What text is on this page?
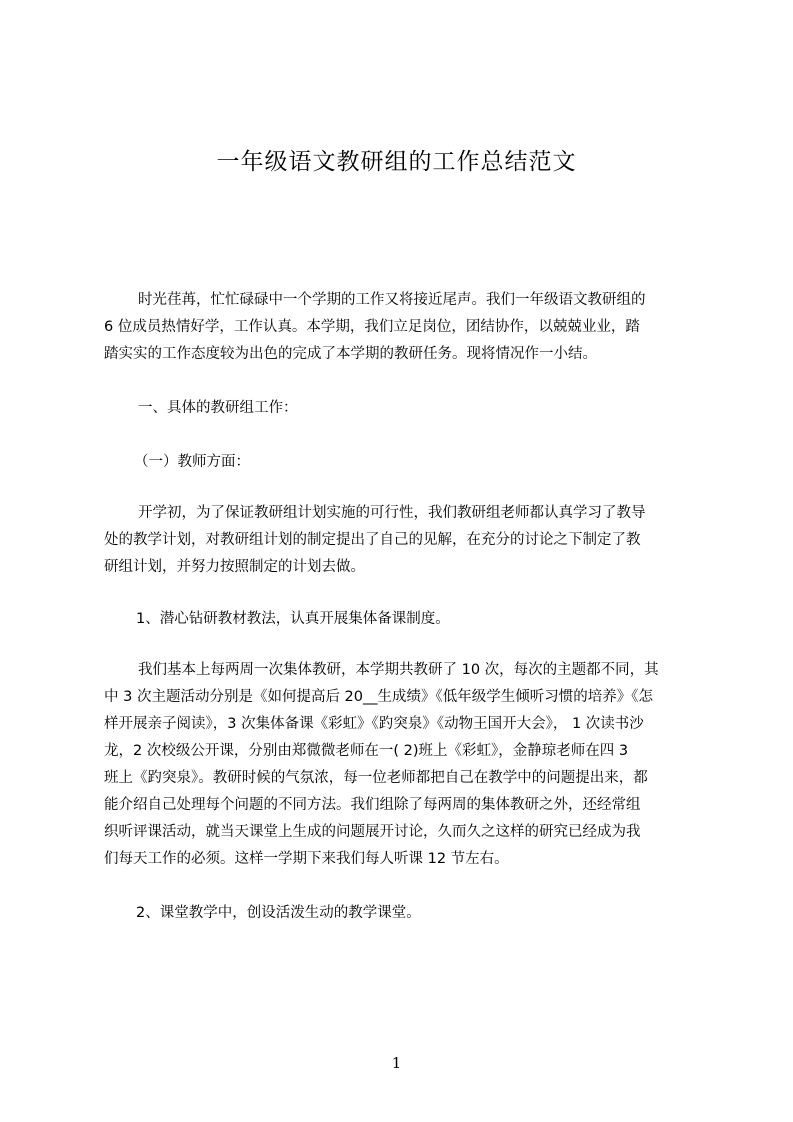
一年级语文教研组的工作总结范文
时光荏苒，忙忙碌碌中一个学期的工作又将接近尾声。我们一年级语文教研组的
6 位成员热情好学，工作认真。本学期，我们立足岗位，团结协作，以兢兢业业，踏
踏实实的工作态度较为出色的完成了本学期的教研任务。现将情况作一小结。
一、具体的教研组工作：
（一）教师方面：
开学初，为了保证教研组计划实施的可行性，我们教研组老师都认真学习了教导
处的教学计划，对教研组计划的制定提出了自己的见解，在充分的讨论之下制定了教
研组计划，并努力按照制定的计划去做。
1、潜心钻研教材教法，认真开展集体备课制度。
我们基本上每两周一次集体教研，本学期共教研了 10 次，每次的主题都不同，其
中 3 次主题活动分别是《如何提高后 20__生成绩》《低年级学生倾听习惯的培养》《怎
样开展亲子阅读》，3 次集体备课《彩虹》《趵突泉》《动物王国开大会》， 1 次读书沙
龙，2 次校级公开课，分别由郑微微老师在一( 2)班上《彩虹》，金静琼老师在四 3
班上《趵突泉》。教研时候的气氛浓，每一位老师都把自己在教学中的问题提出来，都
能介绍自己处理每个问题的不同方法。我们组除了每两周的集体教研之外，还经常组
织听评课活动，就当天课堂上生成的问题展开讨论，久而久之这样的研究已经成为我
们每天工作的必须。这样一学期下来我们每人听课 12 节左右。
2、课堂教学中，创设活泼生动的教学课堂。
1
